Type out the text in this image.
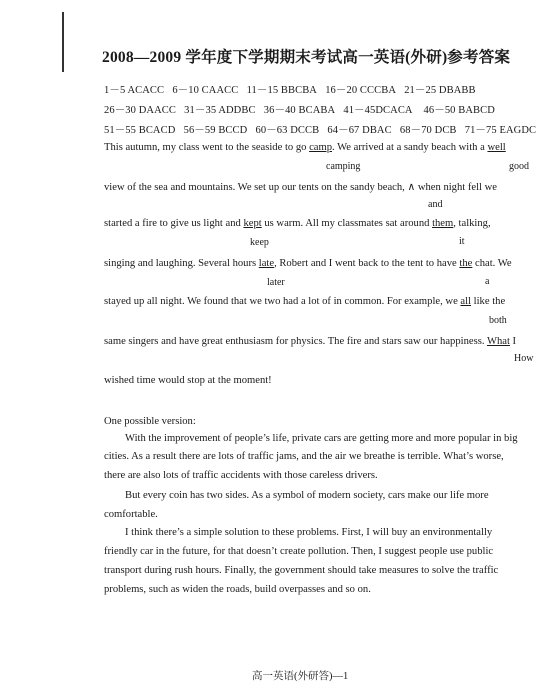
2008—2009 学年度下学期期末考试高一英语(外研)参考答案
1－5 ACACC 6－10 CAACC 11－15 BBCBA 16－20 CCCBA 21－25 DBABB
26－30 DAACC 31－35 ADDBC 36－40 BCABA 41－45DCACA 46－50 BABCD
51－55 BCACD 56－59 BCCD 60－63 DCCB 64－67 DBAC 68－70 DCB 71－75 EAGDC
This autumn, my class went to the seaside to go camp. We arrived at a sandy beach with a well
camping	good
view of the sea and mountains. We set up our tents on the sandy beach, ∧ when night fell we
and
started a fire to give us light and kept us warm. All my classmates sat around them, talking,
keep	it
singing and laughing. Several hours late, Robert and I went back to the tent to have the chat. We
later	a
stayed up all night. We found that we two had a lot of in common. For example, we all like the
both
same singers and have great enthusiasm for physics. The fire and stars saw our happiness. What I
How
wished time would stop at the moment!
One possible version:
With the improvement of people’s life, private cars are getting more and more popular in big
cities. As a result there are lots of traffic jams, and the air we breathe is terrible. What’s worse,
there are also lots of traffic accidents with those careless drivers.
But every coin has two sides. As a symbol of modern society, cars make our life more
comfortable.
I think there’s a simple solution to these problems. First, I will buy an environmentally
friendly car in the future, for that doesn’t create pollution. Then, I suggest people use public
transport during rush hours. Finally, the government should take measures to solve the traffic
problems, such as widen the roads, build overpasses and so on.
高一英语(外研答)—1
